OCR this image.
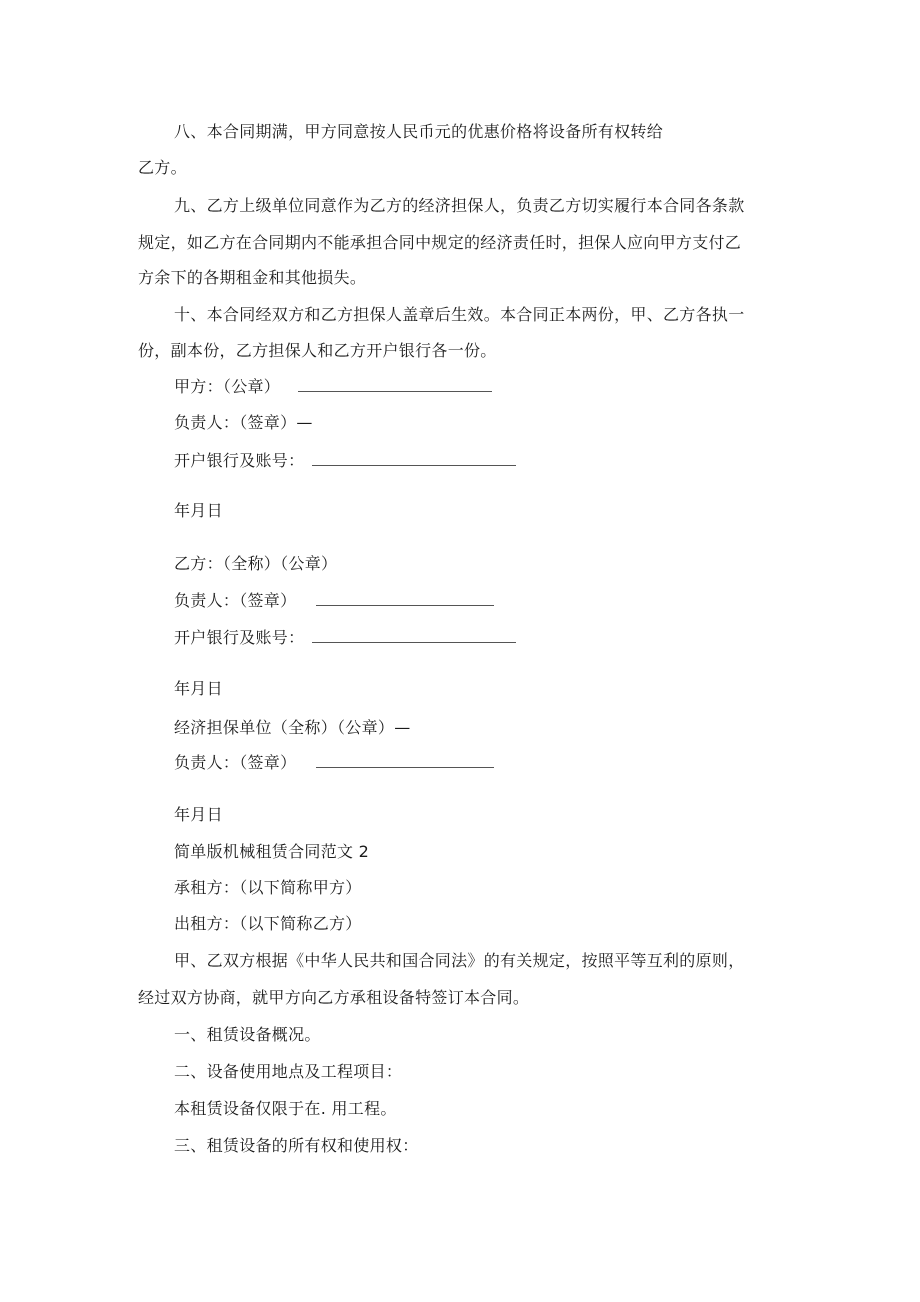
八、本合同期满，甲方同意按人民币元的优惠价格将设备所有权转给
乙方。
九、乙方上级单位同意作为乙方的经济担保人，负责乙方切实履行本合同各条款
规定，如乙方在合同期内不能承担合同中规定的经济责任时，担保人应向甲方支付乙
方余下的各期租金和其他损失。
十、本合同经双方和乙方担保人盖章后生效。本合同正本两份，甲、乙方各执一
份，副本份，乙方担保人和乙方开户银行各一份。
甲方：（公章）
负责人：（签章）—
开户银行及账号：
年月日
乙方：（全称）（公章）
负责人：（签章）
开户银行及账号：
年月日
经济担保单位（全称）（公章）—
负责人：（签章）
年月日
简单版机械租赁合同范文 2
承租方：（以下简称甲方）
出租方：（以下简称乙方）
甲、乙双方根据《中华人民共和国合同法》的有关规定，按照平等互利的原则，
经过双方协商，就甲方向乙方承租设备特签订本合同。
一、租赁设备概况。
二、设备使用地点及工程项目：
本租赁设备仅限于在. 用工程。
三、租赁设备的所有权和使用权：
